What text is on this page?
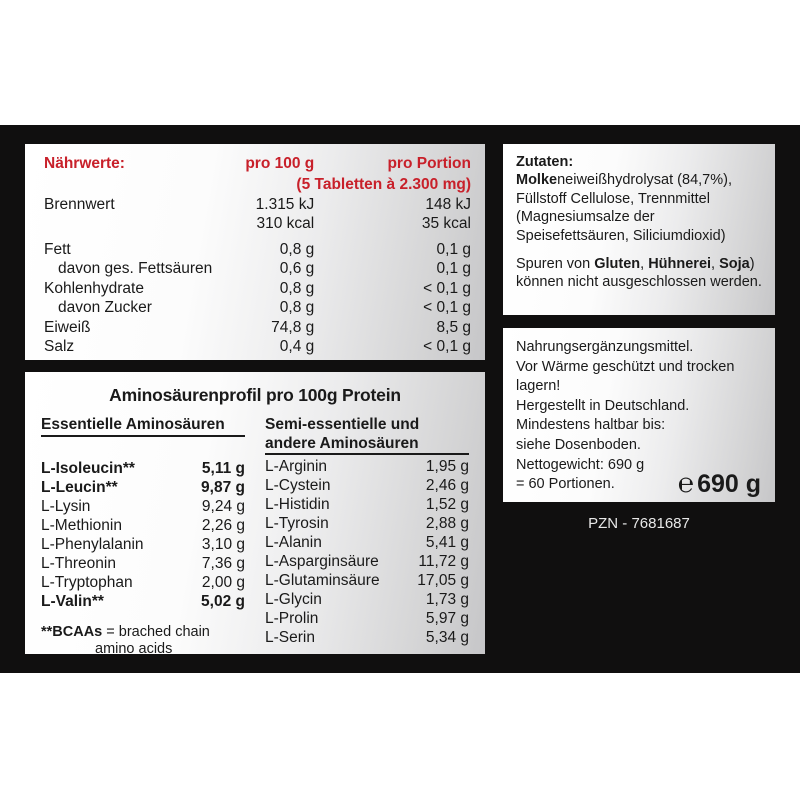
Nährwerte:	pro 100 g		pro Portion
	(5 Tabletten à 2.300 mg)		
Brennwert	1.315 kJ		148 kJ
	310 kcal		35 kcal

Fett	0,8 g		0,1 g
davon ges. Fettsäuren	0,6 g		0,1 g
Kohlenhydrate	0,8 g		< 0,1 g
davon Zucker	0,8 g		< 0,1 g
Eiweiß	74,8 g		8,5 g
Salz	0,4 g		< 0,1 g
Aminosäurenprofil pro 100g Protein
Essentielle Aminosäuren
L-Isoleucin**	5,11 g
L-Leucin**	9,87 g
L-Lysin	9,24 g
L-Methionin	2,26 g
L-Phenylalanin	3,10 g
L-Threonin	7,36 g
L-Tryptophan	2,00 g
L-Valin**	5,02 g
**BCAAs = brached chain
amino acids
Semi-essentielle und
andere Aminosäuren
L-Arginin	1,95 g
L-Cystein	2,46 g
L-Histidin	1,52 g
L-Tyrosin	2,88 g
L-Alanin	5,41 g
L-Asparginsäure	11,72 g
L-Glutaminsäure	17,05 g
L-Glycin	1,73 g
L-Prolin	5,97 g
L-Serin	5,34 g
Zutaten:
Molkeneiweißhydrolysat (84,7%), Füllstoff Cellulose, Trennmittel (Magnesiumsalze der Speisefettsäuren, Siliciumdioxid)
Spuren von Gluten, Hühnerei, Soja) können nicht ausgeschlossen werden.
Nahrungsergänzungsmittel.
Vor Wärme geschützt und trocken
lagern!
Hergestellt in Deutschland.
Mindestens haltbar bis:
siehe Dosenboden.
Nettogewicht: 690 g
= 60 Portionen.	℮ 690 g
PZN - 7681687
